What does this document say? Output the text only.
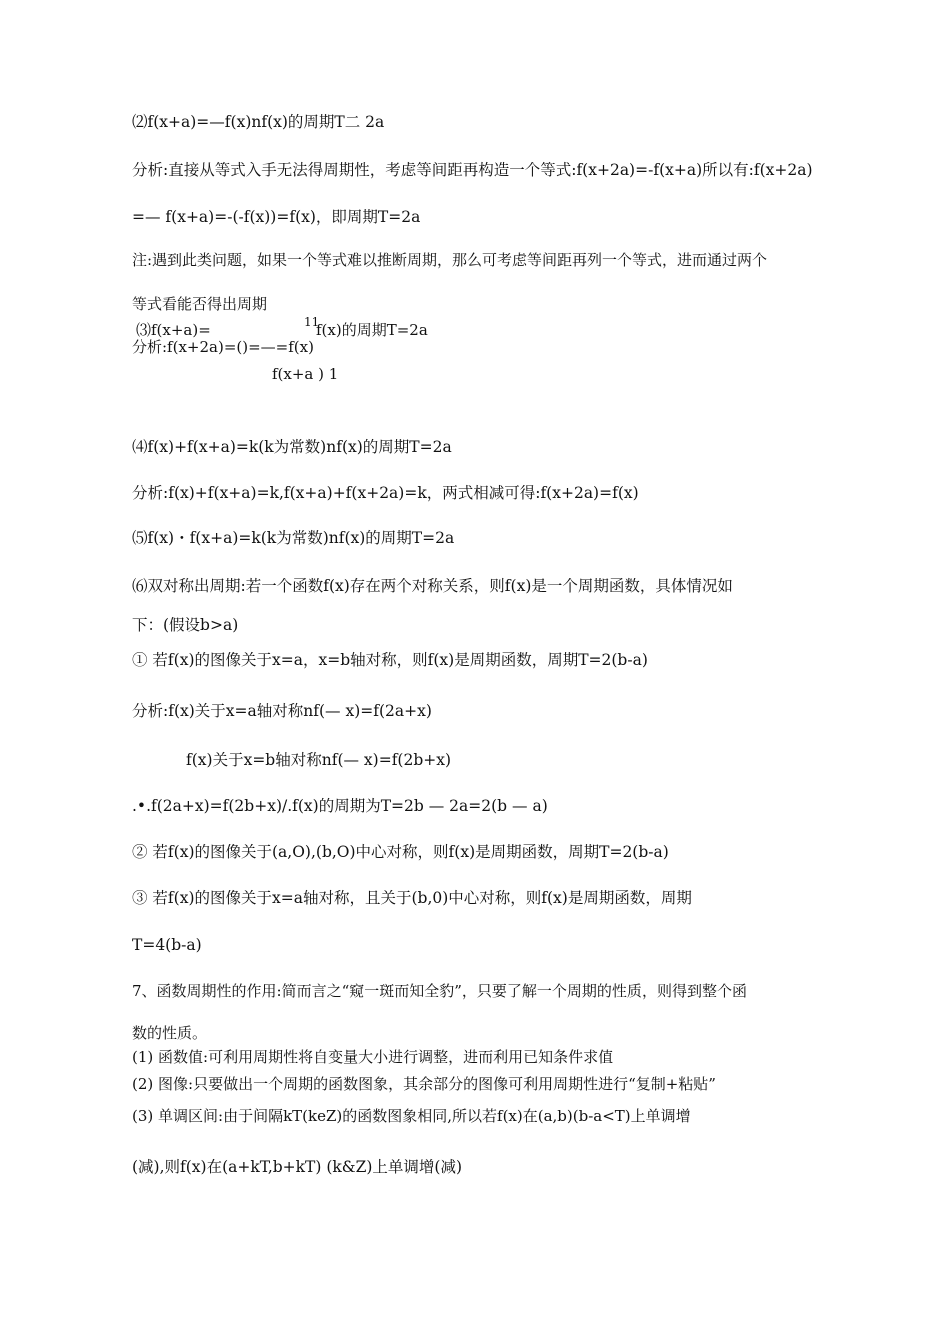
⑵f(x+a)=—f(x)nf(x)的周期T二 2a
分析:直接从等式入手无法得周期性，考虑等间距再构造一个等式:f(x+2a)=-f(x+a)所以有:f(x+2a)
=— f(x+a)=-(-f(x))=f(x)，即周期T=2a
注:遇到此类问题，如果一个等式难以推断周期，那么可考虑等间距再列一个等式，进而通过两个
等式看能否得出周期
⑶f(x+a)=	11
f(x)的周期T=2a
分析:f(x+2a)=()=—=f(x)
f(x+a ) 1
⑷f(x)+f(x+a)=k(k为常数)nf(x)的周期T=2a
分析:f(x)+f(x+a)=k,f(x+a)+f(x+2a)=k，两式相减可得:f(x+2a)=f(x)
⑸f(x)・f(x+a)=k(k为常数)nf(x)的周期T=2a
⑹双对称出周期:若一个函数f(x)存在两个对称关系，则f(x)是一个周期函数，具体情况如
下：(假设b>a)
① 若f(x)的图像关于x=a，x=b轴对称，则f(x)是周期函数，周期T=2(b-a)
分析:f(x)关于x=a轴对称nf(— x)=f(2a+x)
f(x)关于x=b轴对称nf(— x)=f(2b+x)
.•.f(2a+x)=f(2b+x)/.f(x)的周期为T=2b — 2a=2(b — a)
② 若f(x)的图像关于(a,O),(b,O)中心对称，则f(x)是周期函数，周期T=2(b-a)
③ 若f(x)的图像关于x=a轴对称，且关于(b,0)中心对称，则f(x)是周期函数，周期
T=4(b-a)
7、函数周期性的作用:简而言之“窥一斑而知全豹”，只要了解一个周期的性质，则得到整个函
数的性质。
(1) 函数值:可利用周期性将自变量大小进行调整，进而利用已知条件求值
(2) 图像:只要做出一个周期的函数图象，其余部分的图像可利用周期性进行“复制+粘贴”
(3) 单调区间:由于间隔kT(keZ)的函数图象相同,所以若f(x)在(a,b)(b-a<T)上单调增
(减),则f(x)在(a+kT,b+kT) (k&Z)上单调增(减)
